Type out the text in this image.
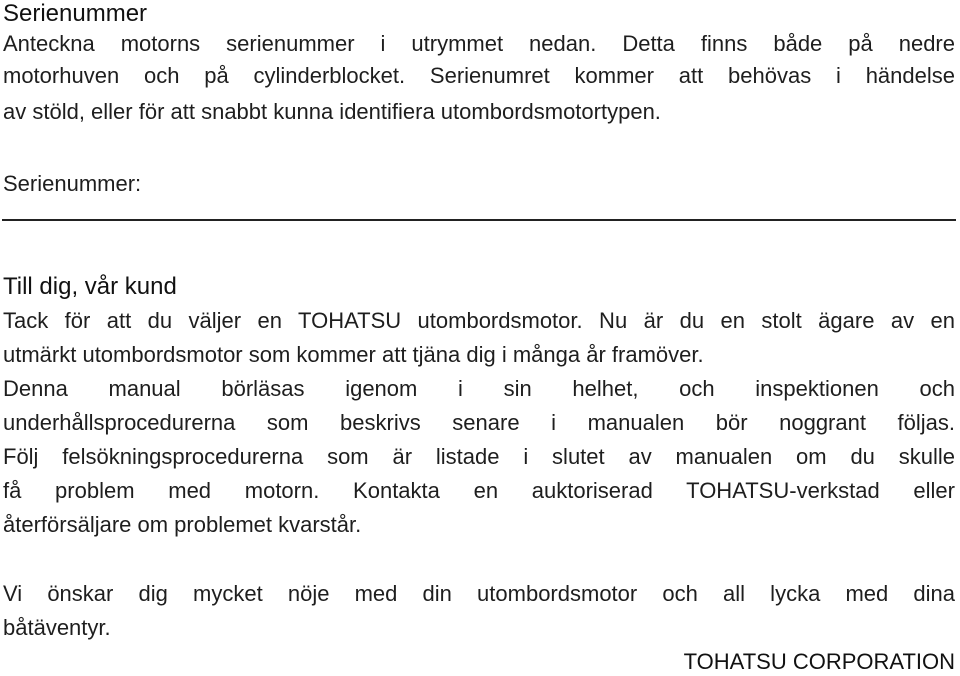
Serienummer

Anteckna motorns serienummer i utrymmet nedan. Detta finns både på nedre

motorhuven och på cylinderblocket. Serienumret kommer att behövas i händelse

av stöld, eller för att snabbt kunna identifiera utombordsmotortypen.

Serienummer:

Till dig, vår kund

Tack för att du väljer en TOHATSU utombordsmotor. Nu är du en stolt ägare av en

utmärkt utombordsmotor som kommer att tjäna dig i många år framöver.

Denna manual börläsas igenom i sin helhet, och inspektionen och

underhållsprocedurerna som beskrivs senare i manualen bör noggrant följas.

Följ felsökningsprocedurerna som är listade i slutet av manualen om du skulle

få problem med motorn. Kontakta en auktoriserad TOHATSU-verkstad eller

återförsäljare om problemet kvarstår.

Vi önskar dig mycket nöje med din utombordsmotor och all lycka med dina

båtäventyr.

TOHATSU CORPORATION
